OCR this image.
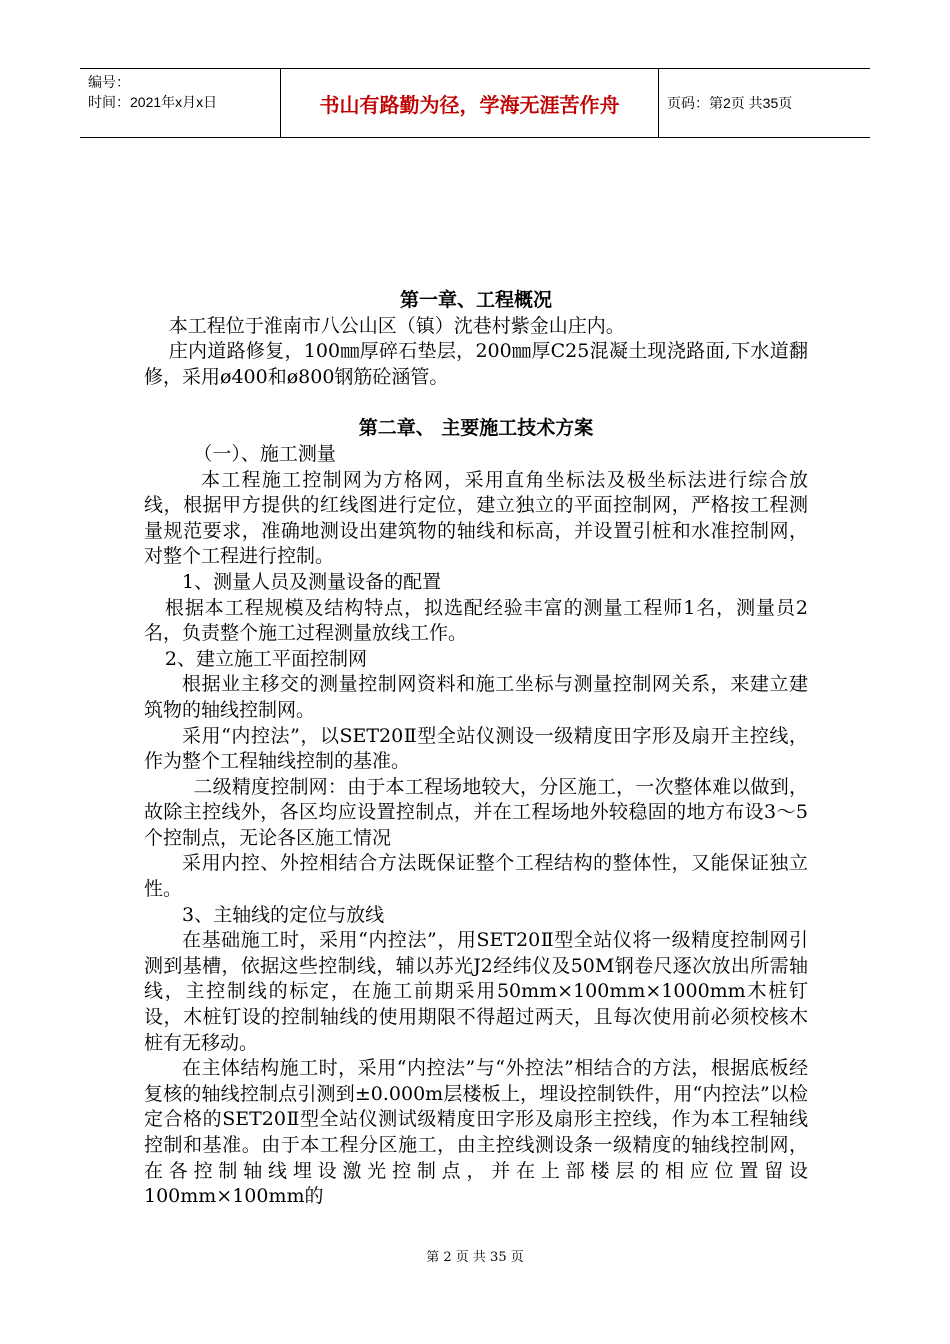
编号：
时间：2021年x月x日	书山有路勤为径，学海无涯苦作舟	页码：第2页 共35页

第一章、工程概况

本工程位于淮南市八公山区（镇）沈巷村紫金山庄内。

庄内道路修复，100㎜厚碎石垫层，200㎜厚C25混凝土现浇路面,下水道翻修，采用ø400和ø800钢筋砼涵管。

第二章、 主要施工技术方案

（一）、施工测量

本工程施工控制网为方格网，采用直角坐标法及极坐标法进行综合放线，根据甲方提供的红线图进行定位，建立独立的平面控制网，严格按工程测量规范要求，准确地测设出建筑物的轴线和标高，并设置引桩和水准控制网，对整个工程进行控制。

1、测量人员及测量设备的配置

根据本工程规模及结构特点，拟选配经验丰富的测量工程师1名，测量员2名，负责整个施工过程测量放线工作。

2、建立施工平面控制网

根据业主移交的测量控制网资料和施工坐标与测量控制网关系，来建立建筑物的轴线控制网。

采用“内控法”，以SET20Ⅱ型全站仪测设一级精度田字形及扇开主控线，作为整个工程轴线控制的基准。

二级精度控制网：由于本工程场地较大，分区施工，一次整体难以做到，故除主控线外，各区均应设置控制点，并在工程场地外较稳固的地方布设3～5个控制点，无论各区施工情况

采用内控、外控相结合方法既保证整个工程结构的整体性，又能保证独立性。

3、主轴线的定位与放线

在基础施工时，采用“内控法”，用SET20Ⅱ型全站仪将一级精度控制网引测到基槽，依据这些控制线，辅以苏光J2经纬仪及50M钢卷尺逐次放出所需轴线，主控制线的标定，在施工前期采用50mm×100mm×1000mm木桩钉设，木桩钉设的控制轴线的使用期限不得超过两天，且每次使用前必须校核木桩有无移动。

在主体结构施工时，采用“内控法”与“外控法”相结合的方法，根据底板经复核的轴线控制点引测到±0.000m层楼板上，埋设控制铁件，用“内控法”以检定合格的SET20Ⅱ型全站仪测试级精度田字形及扇形主控线，作为本工程轴线控制和基准。由于本工程分区施工，由主控线测设条一级精度的轴线控制网，在各控制轴线埋设激光控制点，并在上部楼层的相应位置留设100mm×100mm的

第 2 页 共 35 页
